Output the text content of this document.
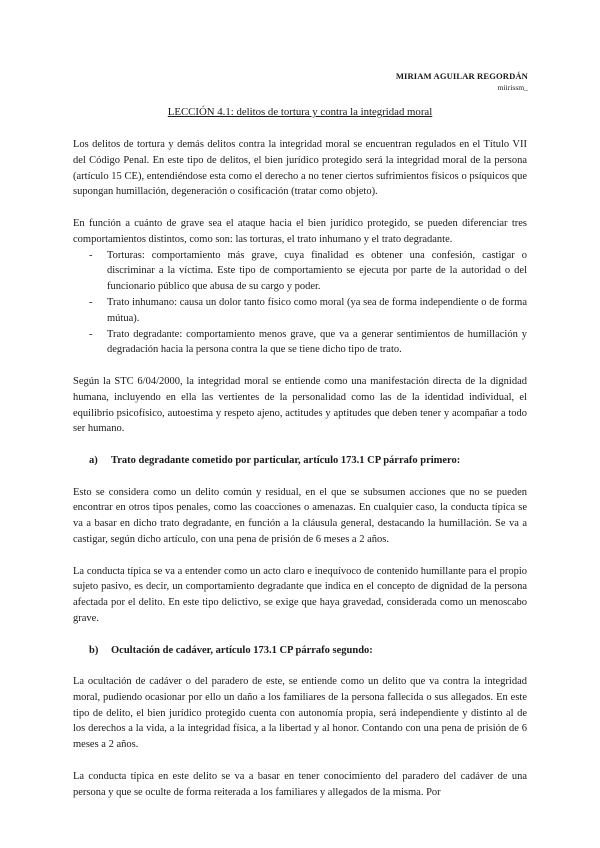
MIRIAM AGUILAR REGORDÁN
miirissm_
LECCIÓN 4.1: delitos de tortura y contra la integridad moral

Los delitos de tortura y demás delitos contra la integridad moral se encuentran regulados en el Título VII del Código Penal. En este tipo de delitos, el bien jurídico protegido será la integridad moral de la persona (artículo 15 CE), entendiéndose esta como el derecho a no tener ciertos sufrimientos físicos o psíquicos que supongan humillación, degeneración o cosificación (tratar como objeto).

En función a cuánto de grave sea el ataque hacia el bien jurídico protegido, se pueden diferenciar tres comportamientos distintos, como son: las torturas, el trato inhumano y el trato degradante.

- Torturas: comportamiento más grave, cuya finalidad es obtener una confesión, castigar o discriminar a la víctima. Este tipo de comportamiento se ejecuta por parte de la autoridad o del funcionario público que abusa de su cargo y poder.
- Trato inhumano: causa un dolor tanto físico como moral (ya sea de forma independiente o de forma mútua).
- Trato degradante: comportamiento menos grave, que va a generar sentimientos de humillación y degradación hacia la persona contra la que se tiene dicho tipo de trato.

Según la STC 6/04/2000, la integridad moral se entiende como una manifestación directa de la dignidad humana, incluyendo en ella las vertientes de la personalidad como las de la identidad individual, el equilibrio psicofísico, autoestima y respeto ajeno, actitudes y aptitudes que deben tener y acompañar a todo ser humano.

a) Trato degradante cometido por particular, artículo 173.1 CP párrafo primero:

Esto se considera como un delito común y residual, en el que se subsumen acciones que no se pueden encontrar en otros tipos penales, como las coacciones o amenazas. En cualquier caso, la conducta típica se va a basar en dicho trato degradante, en función a la cláusula general, destacando la humillación. Se va a castigar, según dicho artículo, con una pena de prisión de 6 meses a 2 años.

La conducta típica se va a entender como un acto claro e inequívoco de contenido humillante para el propio sujeto pasivo, es decir, un comportamiento degradante que indica en el concepto de dignidad de la persona afectada por el delito. En este tipo delictivo, se exige que haya gravedad, considerada como un menoscabo grave.

b) Ocultación de cadáver, artículo 173.1 CP párrafo segundo:

La ocultación de cadáver o del paradero de este, se entiende como un delito que va contra la integridad moral, pudiendo ocasionar por ello un daño a los familiares de la persona fallecida o sus allegados. En este tipo de delito, el bien jurídico protegido cuenta con autonomía propia, será independiente y distinto al de los derechos a la vida, a la integridad física, a la libertad y al honor. Contando con una pena de prisión de 6 meses a 2 años.

La conducta típica en este delito se va a basar en tener conocimiento del paradero del cadáver de una persona y que se oculte de forma reiterada a los familiares y allegados de la misma. Por
